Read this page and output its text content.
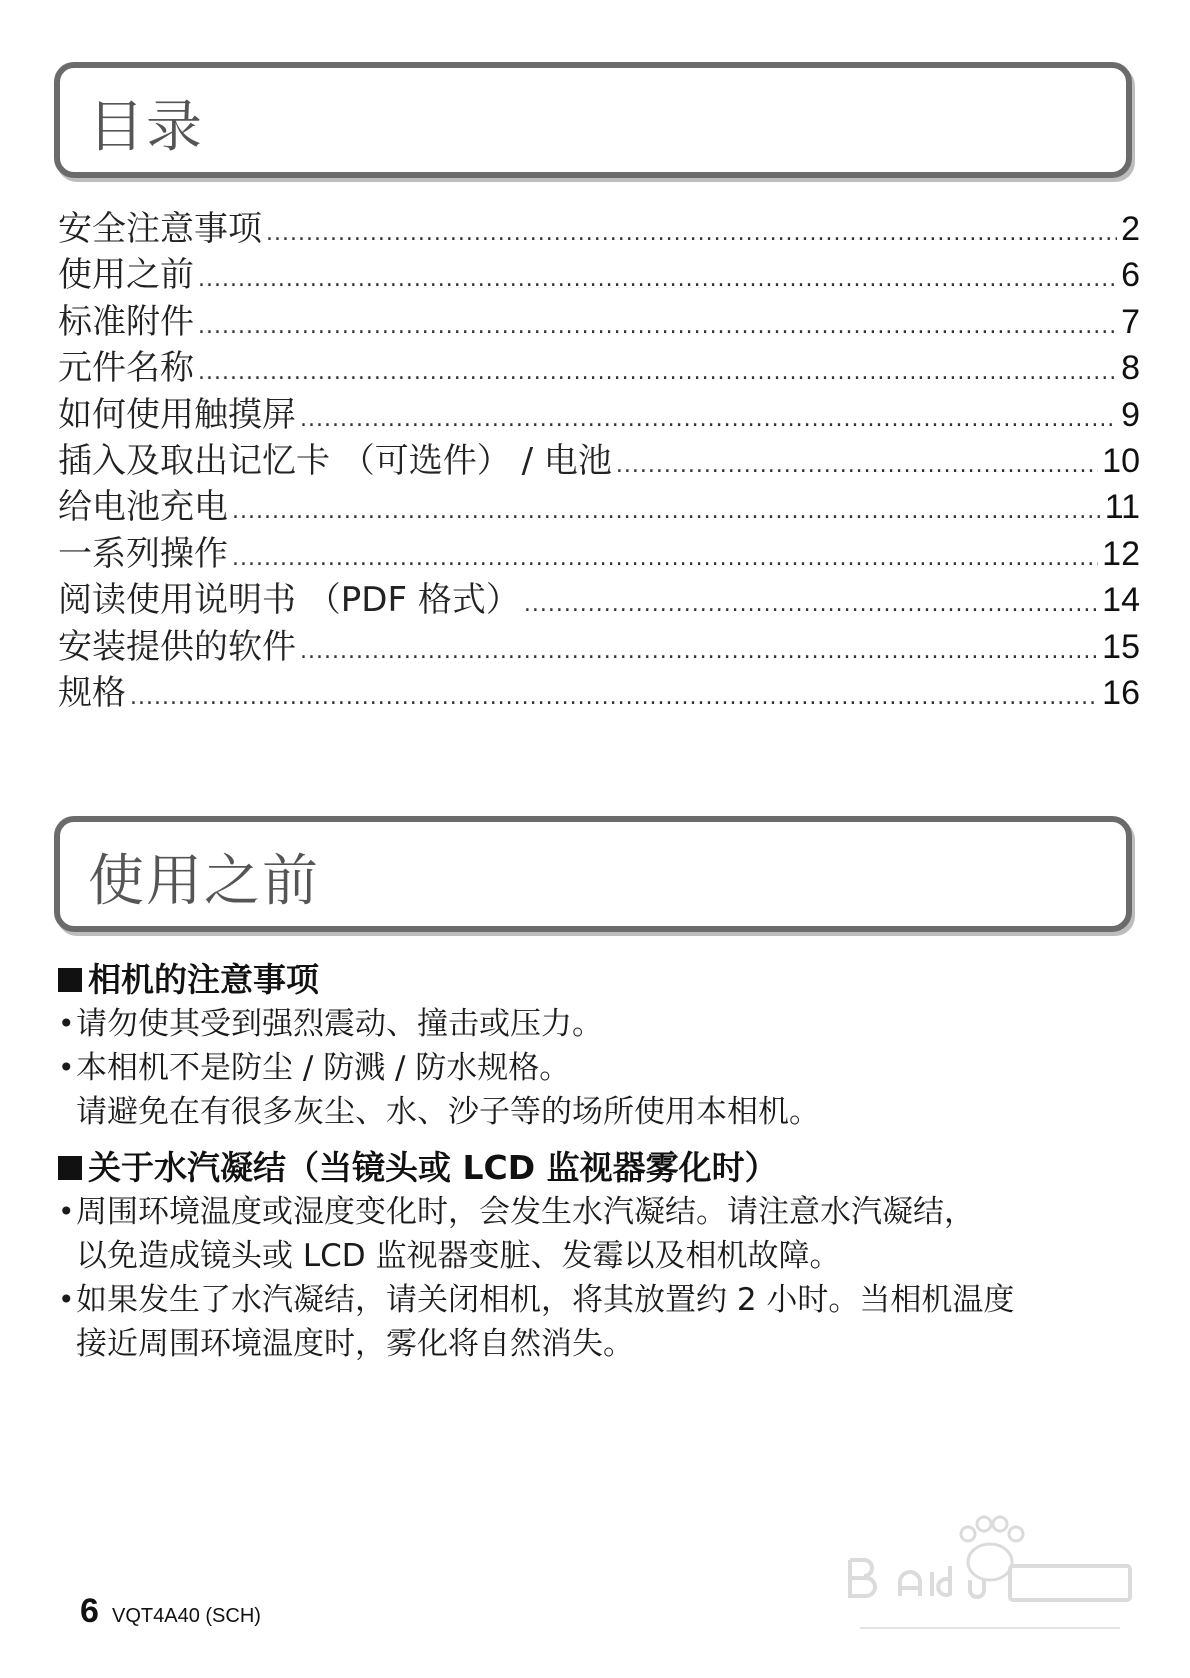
目录
安全注意事项 .....	2
使用之前 .....	6
标准附件 .....	7
元件名称 .....	8
如何使用触摸屏 .....	9
插入及取出记忆卡 （可选件） / 电池 .....	10
给电池充电 .....	11
一系列操作 .....	12
阅读使用说明书 （PDF 格式） .....	14
安装提供的软件 .....	15
规格 .....	16
使用之前
相机的注意事项
• 请勿使其受到强烈震动、撞击或压力。
• 本相机不是防尘 / 防溅 / 防水规格。
请避免在有很多灰尘、水、沙子等的场所使用本相机。
关于水汽凝结（当镜头或 LCD 监视器雾化时）
• 周围环境温度或湿度变化时，会发生水汽凝结。请注意水汽凝结，
以免造成镜头或 LCD 监视器变脏、发霉以及相机故障。
• 如果发生了水汽凝结，请关闭相机，将其放置约 2 小时。当相机温度
接近周围环境温度时，雾化将自然消失。
6 VQT4A40 (SCH)
